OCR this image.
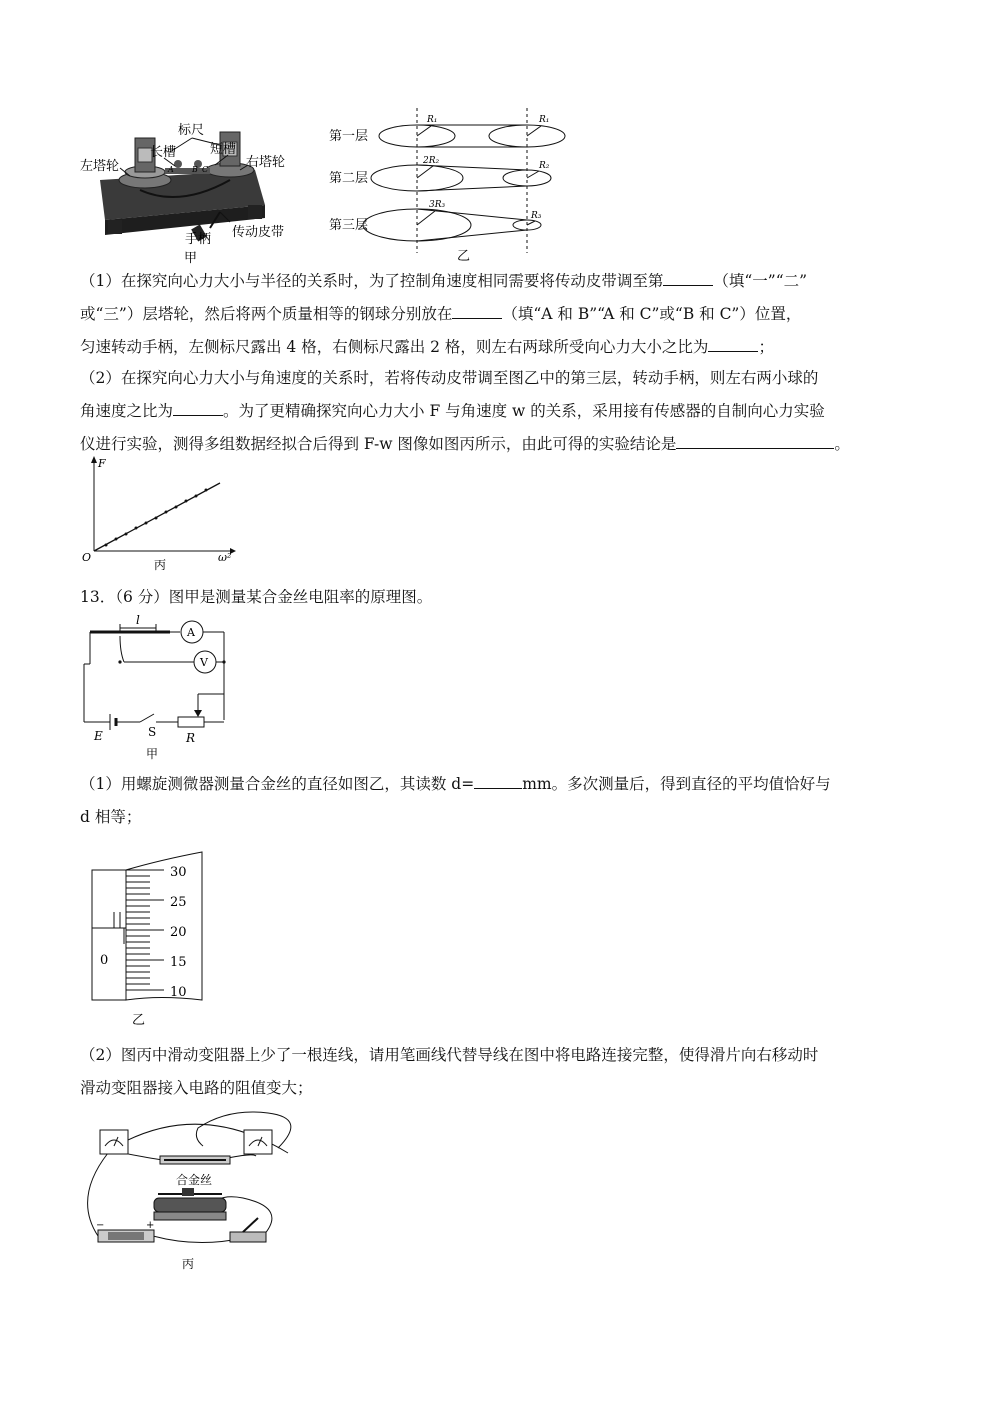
标尺
长槽	短槽
左塔轮	右塔轮
手柄 传动皮带
A B C
甲
第一层
第二层
第三层
R₁	R₁
2R₂	R₂
3R₃
R₃
乙
（1）在探究向心力大小与半径的关系时，为了控制角速度相同需要将传动皮带调至第	（填“一”“二”
或“三”）层塔轮，然后将两个质量相等的钢球分别放在	（填“A 和 B”“A 和 C”或“B 和 C”）位置，
匀速转动手柄，左侧标尺露出 4 格，右侧标尺露出 2 格，则左右两球所受向心力大小之比为	；
（2）在探究向心力大小与角速度的关系时，若将传动皮带调至图乙中的第三层，转动手柄，则左右两小球的
角速度之比为	。为了更精确探究向心力大小 F 与角速度 w 的关系，采用接有传感器的自制向心力实验
仪进行实验，测得多组数据经拟合后得到 F-w 图像如图丙所示，由此可得的实验结论是	。
F
ω²
O
丙
13．（6 分）图甲是测量某合金丝电阻率的原理图。
l
A
V
E	S R
甲
（1）用螺旋测微器测量合金丝的直径如图乙，其读数 d=	mm。多次测量后，得到直径的平均值恰好与
d 相等；
30
25
20
15
10
0
乙
（2）图丙中滑动变阻器上少了一根连线，请用笔画线代替导线在图中将电路连接完整，使得滑片向右移动时
滑动变阻器接入电路的阻值变大；
合金丝
−	+
丙
